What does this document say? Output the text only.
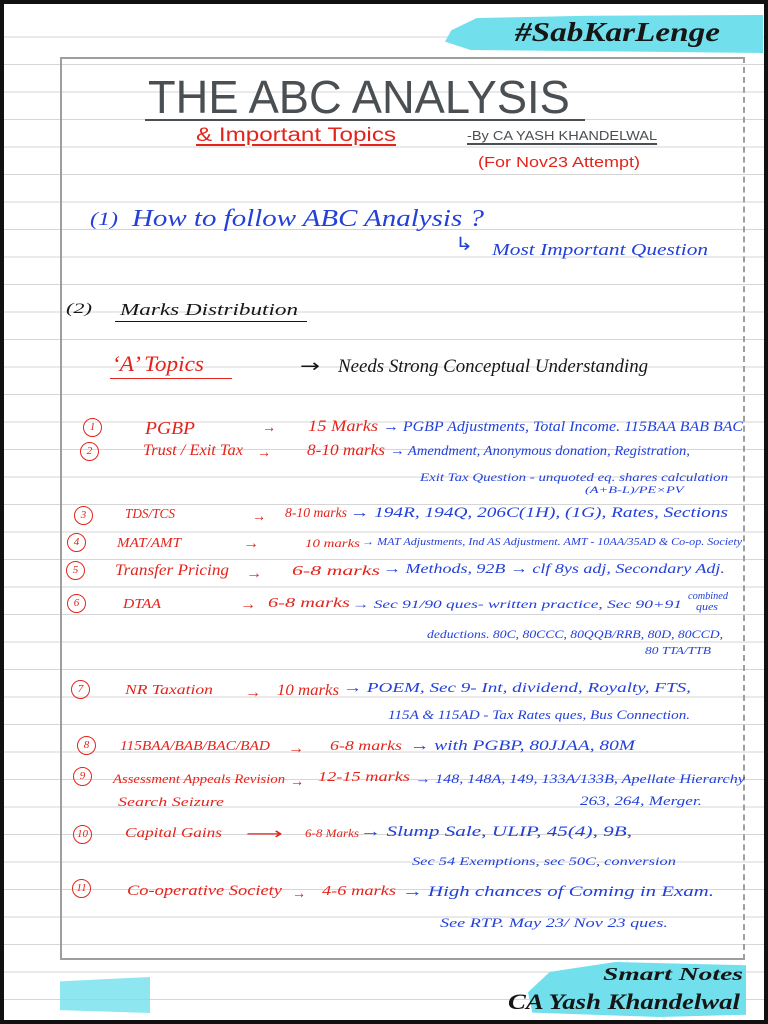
#SabKarLenge
THE ABC ANALYSIS
& Important Topics	-By CA YASH KHANDELWAL
(For Nov23 Attempt)
(1) How to follow ABC Analysis ?
↳ Most Important Question
(2) Marks Distribution
‘A’ Topics	→ Needs Strong Conceptual Understanding
1	PGBP	→ 15 Marks → PGBP Adjustments, Total Income. 115BAA BAB BAC
2	Trust / Exit Tax → 8-10 marks → Amendment, Anonymous donation, Registration,
Exit Tax Question - unquoted eq. shares calculation
(A+B-L)/PE×PV
3	TDS/TCS	→ 8-10 marks → 194R, 194Q, 206C(1H), (1G), Rates, Sections
4	MAT/AMT	→	10 marks → MAT Adjustments, Ind AS Adjustment. AMT - 10AA/35AD & Co-op. Society
5	Transfer Pricing → 6-8 marks → Methods, 92B → clf 8ys adj, Secondary Adj.
6	DTAA	→ 6-8 marks → Sec 91/90 ques- written practice, Sec 90+91
combined
ques
deductions. 80C, 80CCC, 80QQB/RRB, 80D, 80CCD,
80 TTA/TTB
7	NR Taxation → 10 marks → POEM, Sec 9- Int, dividend, Royalty, FTS,
115A & 115AD - Tax Rates ques, Bus Connection.
8	115BAA/BAB/BAC/BAD → 6-8 marks → with PGBP, 80JJAA, 80M
9	Assessment Appeals Revision → 12-15 marks → 148, 148A, 149, 133A/133B, Apellate Hierarchy
Search Seizure	263, 264, Merger.
10	Capital Gains ⟶ 6-8 Marks → Slump Sale, ULIP, 45(4), 9B,
Sec 54 Exemptions, sec 50C, conversion
11	Co-operative Society → 4-6 marks → High chances of Coming in Exam.
See RTP. May 23/ Nov 23 ques.
Smart Notes
CA Yash Khandelwal
